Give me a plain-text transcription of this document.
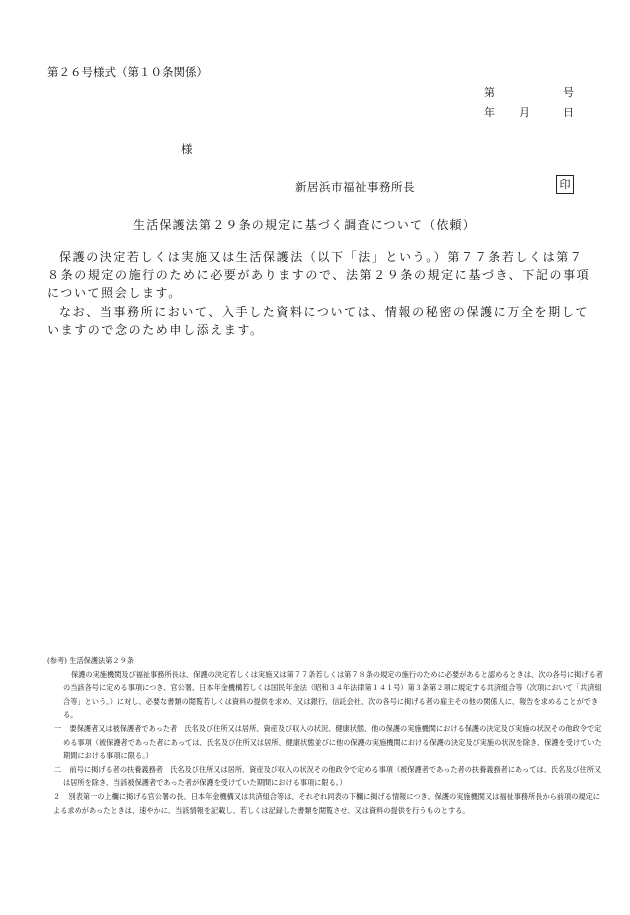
第２６号様式（第１０条関係）
第	号
年 月	日
様
新居浜市福祉事務所長	印
生活保護法第２９条の規定に基づく調査について（依頼）

保護の決定若しくは実施又は生活保護法（以下「法」という。）第７７条若しくは第７８条の規定の施行のために必要がありますので、法第２９条の規定に基づき、下記の事項について照会します。

なお、当事務所において、入手した資料については、情報の秘密の保護に万全を期していますので念のため申し添えます。

(参考) 生活保護法第２９条

保護の実施機関及び福祉事務所長は、保護の決定若しくは実施又は第７７条若しくは第７８条の規定の施行のために必要があると認めるときは、次の各号に掲げる者の当該各号に定める事項につき、官公署、日本年金機構若しくは国民年金法（昭和３４年法律第１４１号）第３条第２項に規定する共済組合等（次項において「共済組合等」という。）に対し、必要な書類の閲覧若しくは資料の提供を求め、又は銀行、信託会社、次の各号に掲げる者の雇主その他の関係人に、報告を求めることができる。

一 要保護者又は被保護者であった者　氏名及び住所又は居所、資産及び収入の状況、健康状態、他の保護の実施機関における保護の決定及び実施の状況その他政令で定める事項（被保護者であった者にあっては、氏名及び住所又は居所、健康状態並びに他の保護の実施機関における保護の決定及び実施の状況を除き、保護を受けていた期間における事項に限る。）

二 前号に掲げる者の扶養義務者　氏名及び住所又は居所、資産及び収入の状況その他政令で定める事項（被保護者であった者の扶養義務者にあっては、氏名及び住所又は居所を除き、当該被保護者であった者が保護を受けていた期間における事項に限る。）

２ 別表第一の上欄に掲げる官公署の長、日本年金機構又は共済組合等は、それぞれ同表の下欄に掲げる情報につき、保護の実施機関又は福祉事務所長から前項の規定による求めがあったときは、速やかに、当該情報を記載し、若しくは記録した書類を閲覧させ、又は資料の提供を行うものとする。
